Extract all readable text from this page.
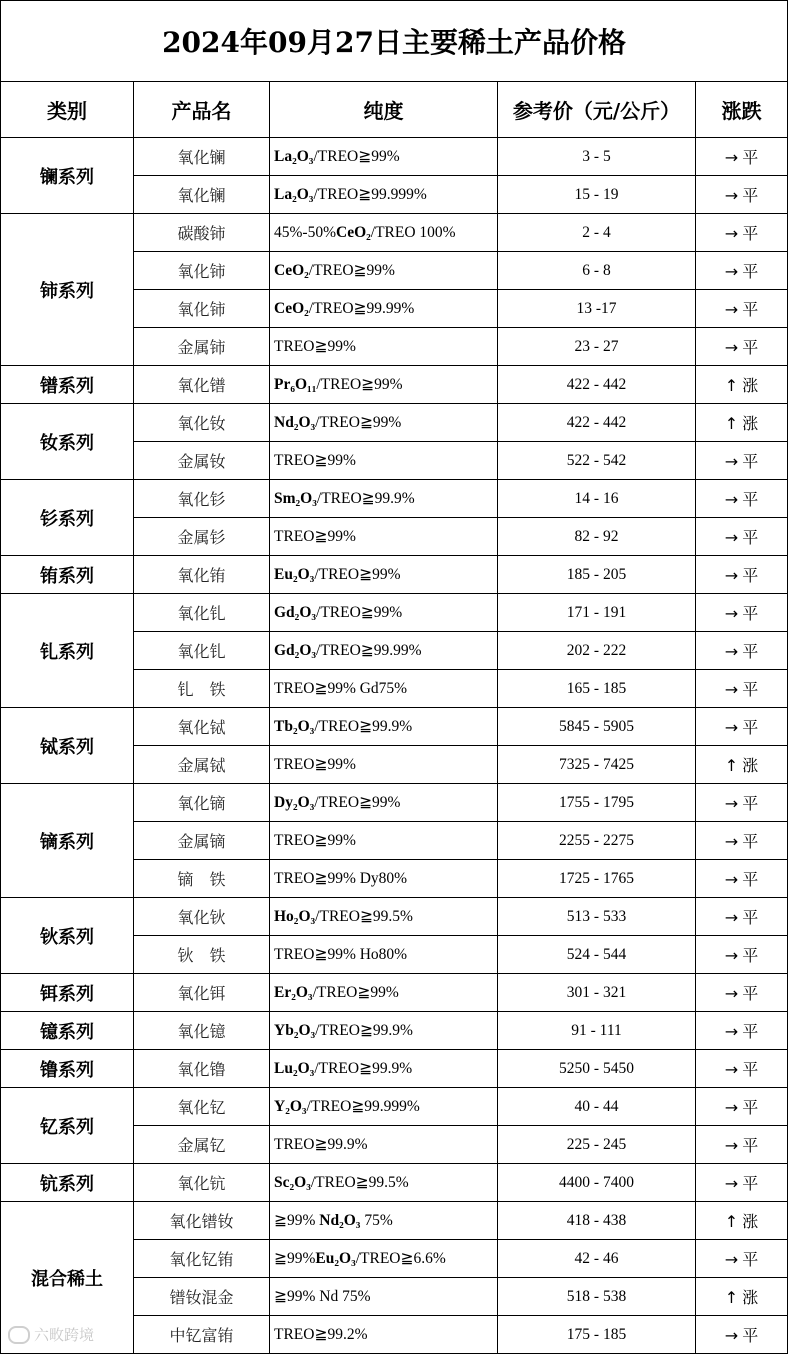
2024年09月27日主要稀土产品价格				
类别	产品名	纯度	参考价（元/公斤）	涨跌
镧系列	氧化镧	La₂O₃/TREO≧99%	3 - 5	→ 平
	氧化镧	La₂O₃/TREO≧99.999%	15 - 19	→ 平
铈系列	碳酸铈	45%-50%CeO₂/TREO 100%	2 - 4	→ 平
	氧化铈	CeO₂/TREO≧99%	6 - 8	→ 平
	氧化铈	CeO₂/TREO≧99.99%	13 -17	→ 平
	金属铈	TREO≧99%	23 - 27	→ 平
镨系列	氧化镨	Pr₆O₁₁/TREO≧99%	422 - 442	↑ 涨
钕系列	氧化钕	Nd₂O₃/TREO≧99%	422 - 442	↑ 涨
	金属钕	TREO≧99%	522 - 542	→ 平
钐系列	氧化钐	Sm₂O₃/TREO≧99.9%	14 - 16	→ 平
	金属钐	TREO≧99%	82 - 92	→ 平
铕系列	氧化铕	Eu₂O₃/TREO≧99%	185 - 205	→ 平
钆系列	氧化钆	Gd₂O₃/TREO≧99%	171 - 191	→ 平
	氧化钆	Gd₂O₃/TREO≧99.99%	202 - 222	→ 平
	钆　铁	TREO≧99% Gd75%	165 - 185	→ 平
铽系列	氧化铽	Tb₂O₃/TREO≧99.9%	5845 - 5905	→ 平
	金属铽	TREO≧99%	7325 - 7425	↑ 涨
镝系列	氧化镝	Dy₂O₃/TREO≧99%	1755 - 1795	→ 平
	金属镝	TREO≧99%	2255 - 2275	→ 平
	镝　铁	TREO≧99% Dy80%	1725 - 1765	→ 平
钬系列	氧化钬	Ho₂O₃/TREO≧99.5%	513 - 533	→ 平
	钬　铁	TREO≧99% Ho80%	524 - 544	→ 平
铒系列	氧化铒	Er₂O₃/TREO≧99%	301 - 321	→ 平
镱系列	氧化镱	Yb₂O₃/TREO≧99.9%	91 - 111	→ 平
镥系列	氧化镥	Lu₂O₃/TREO≧99.9%	5250 - 5450	→ 平
钇系列	氧化钇	Y₂O₃/TREO≧99.999%	40 - 44	→ 平
	金属钇	TREO≧99.9%	225 - 245	→ 平
钪系列	氧化钪	Sc₂O₃/TREO≧99.5%	4400 - 7400	→ 平
混合稀土	氧化镨钕	≧99% Nd₂O₃ 75%	418 - 438	↑ 涨
	氧化钇铕	≧99%Eu₂O₃/TREO≧6.6%	42 - 46	→ 平
	镨钕混金	≧99% Nd 75%	518 - 538	↑ 涨
	中钇富铕	TREO≧99.2%	175 - 185	→ 平
六畋跨境
